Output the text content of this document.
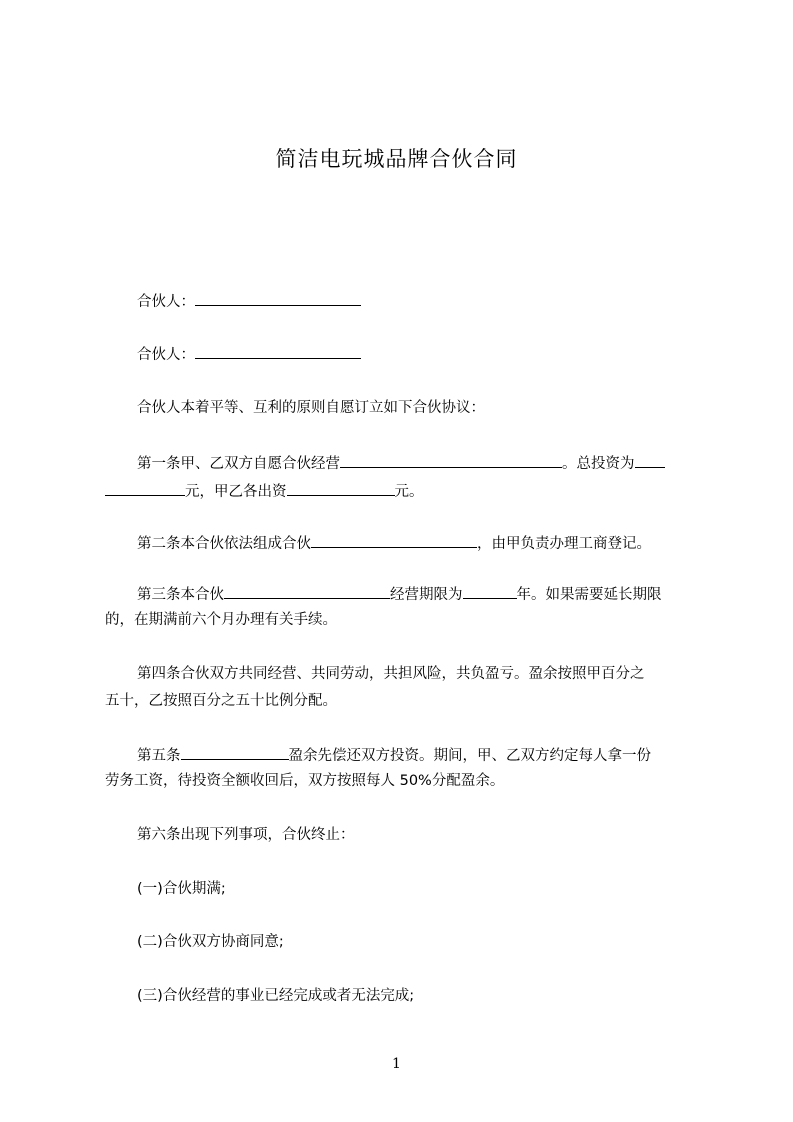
简洁电玩城品牌合伙合同
合伙人：
合伙人：
合伙人本着平等、互利的原则自愿订立如下合伙协议：
第一条甲、乙双方自愿合伙经营	。总投资为
元，甲乙各出资	元。
第二条本合伙依法组成合伙	，由甲负责办理工商登记。
第三条本合伙	经营期限为	年。如果需要延长期限
的，在期满前六个月办理有关手续。
第四条合伙双方共同经营、共同劳动，共担风险，共负盈亏。盈余按照甲百分之
五十，乙按照百分之五十比例分配。
第五条	盈余先偿还双方投资。期间，甲、乙双方约定每人拿一份
劳务工资，待投资全额收回后，双方按照每人 50%分配盈余。
第六条出现下列事项，合伙终止：
(一)合伙期满;
(二)合伙双方协商同意;
(三)合伙经营的事业已经完成或者无法完成;
1
